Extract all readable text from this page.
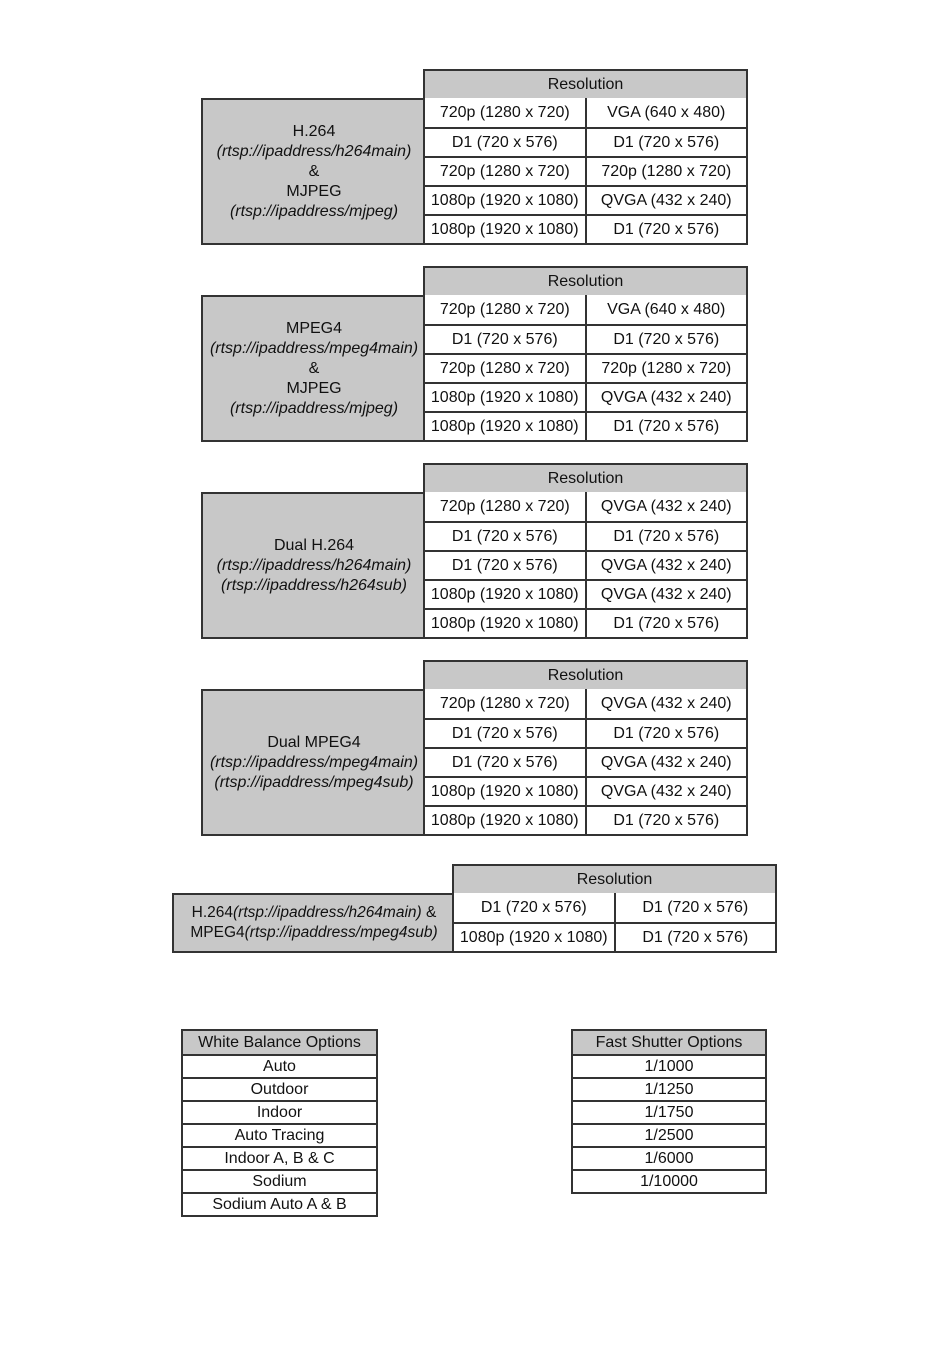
Resolution
H.264
(rtsp://ipaddress/h264main)
&
MJPEG
(rtsp://ipaddress/mjpeg)
720p (1280 x 720)	VGA (640 x 480)
D1 (720 x 576)	D1 (720 x 576)
720p (1280 x 720)	720p (1280 x 720)
1080p (1920 x 1080)	QVGA (432 x 240)
1080p (1920 x 1080)	D1 (720 x 576)
Resolution
MPEG4
(rtsp://ipaddress/mpeg4main)
&
MJPEG
(rtsp://ipaddress/mjpeg)
720p (1280 x 720)	VGA (640 x 480)
D1 (720 x 576)	D1 (720 x 576)
720p (1280 x 720)	720p (1280 x 720)
1080p (1920 x 1080)	QVGA (432 x 240)
1080p (1920 x 1080)	D1 (720 x 576)
Resolution
Dual H.264
(rtsp://ipaddress/h264main)
(rtsp://ipaddress/h264sub)
720p (1280 x 720)	QVGA (432 x 240)
D1 (720 x 576)	D1 (720 x 576)
D1 (720 x 576)	QVGA (432 x 240)
1080p (1920 x 1080)	QVGA (432 x 240)
1080p (1920 x 1080)	D1 (720 x 576)
Resolution
Dual MPEG4
(rtsp://ipaddress/mpeg4main)
(rtsp://ipaddress/mpeg4sub)
720p (1280 x 720)	QVGA (432 x 240)
D1 (720 x 576)	D1 (720 x 576)
D1 (720 x 576)	QVGA (432 x 240)
1080p (1920 x 1080)	QVGA (432 x 240)
1080p (1920 x 1080)	D1 (720 x 576)
Resolution
H.264(rtsp://ipaddress/h264main) &
MPEG4(rtsp://ipaddress/mpeg4sub)
D1 (720 x 576)	D1 (720 x 576)
1080p (1920 x 1080)	D1 (720 x 576)
White Balance Options
Auto
Outdoor
Indoor
Auto Tracing
Indoor A, B & C
Sodium
Sodium Auto A & B
Fast Shutter Options
1/1000
1/1250
1/1750
1/2500
1/6000
1/10000
